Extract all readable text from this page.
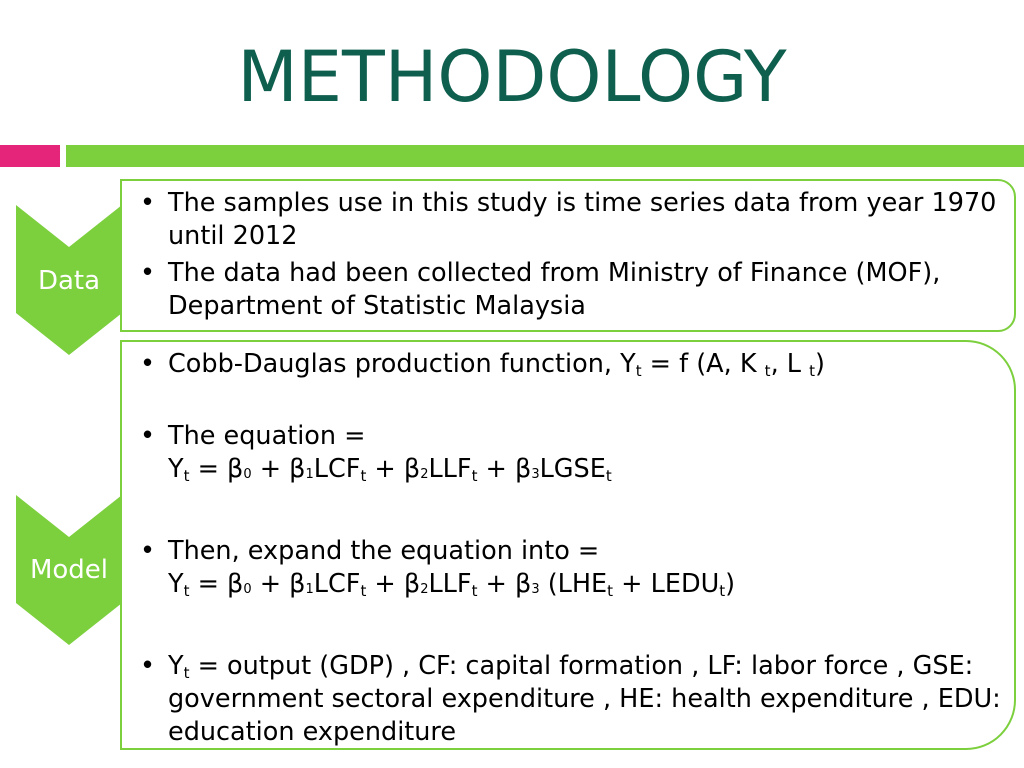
METHODOLOGY
Data
Model
• The samples use in this study is time series data from year 1970 until 2012
• The data had been collected from Ministry of Finance (MOF), Department of Statistic Malaysia
• Cobb-Dauglas production function, $Y_t = f$ (A, K $_t$, L $_t$)
• The equation =
$Y_t = \beta 0 + \beta 1LCF_t + \beta 2LLF_t$ + $\beta 3LGSE_t$
• Then, expand the equation into =
$Y_t = \beta 0 + \beta 1LCF_t + \beta 2LLF_t + \beta 3$ ($LHE_t$ + $LEDU_t$)
• $Y_t$ = output (GDP) , CF: capital formation , LF: labor force , GSE: government sectoral expenditure , HE: health expenditure , EDU: education expenditure
